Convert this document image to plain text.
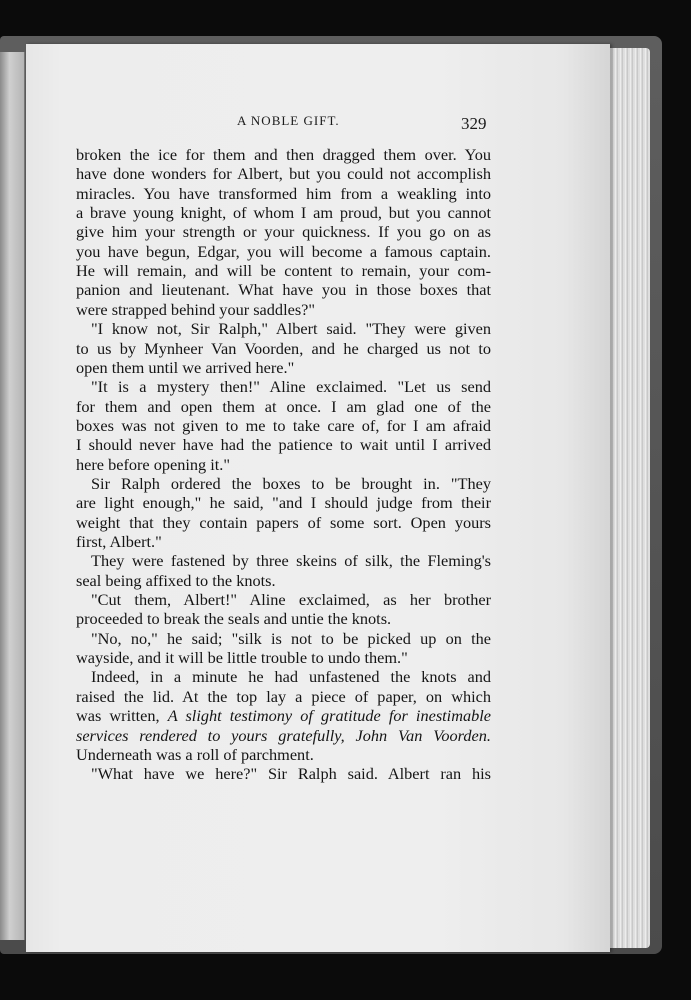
A NOBLE GIFT.	329
broken the ice for them and then dragged them over. You
have done wonders for Albert, but you could not accomplish
miracles. You have transformed him from a weakling into
a brave young knight, of whom I am proud, but you cannot
give him your strength or your quickness. If you go on as
you have begun, Edgar, you will become a famous captain.
He will remain, and will be content to remain, your com-
panion and lieutenant. What have you in those boxes that
were strapped behind your saddles?"
"I know not, Sir Ralph," Albert said. "They were given
to us by Mynheer Van Voorden, and he charged us not to
open them until we arrived here."
"It is a mystery then!" Aline exclaimed. "Let us send
for them and open them at once. I am glad one of the
boxes was not given to me to take care of, for I am afraid
I should never have had the patience to wait until I arrived
here before opening it."
Sir Ralph ordered the boxes to be brought in. "They
are light enough," he said, "and I should judge from their
weight that they contain papers of some sort. Open yours
first, Albert."
They were fastened by three skeins of silk, the Fleming's
seal being affixed to the knots.
"Cut them, Albert!" Aline exclaimed, as her brother
proceeded to break the seals and untie the knots.
"No, no," he said; "silk is not to be picked up on the
wayside, and it will be little trouble to undo them."
Indeed, in a minute he had unfastened the knots and
raised the lid. At the top lay a piece of paper, on which
was written, A slight testimony of gratitude for inestimable
services rendered to yours gratefully, John Van Voorden.
Underneath was a roll of parchment.
"What have we here?" Sir Ralph said. Albert ran his
